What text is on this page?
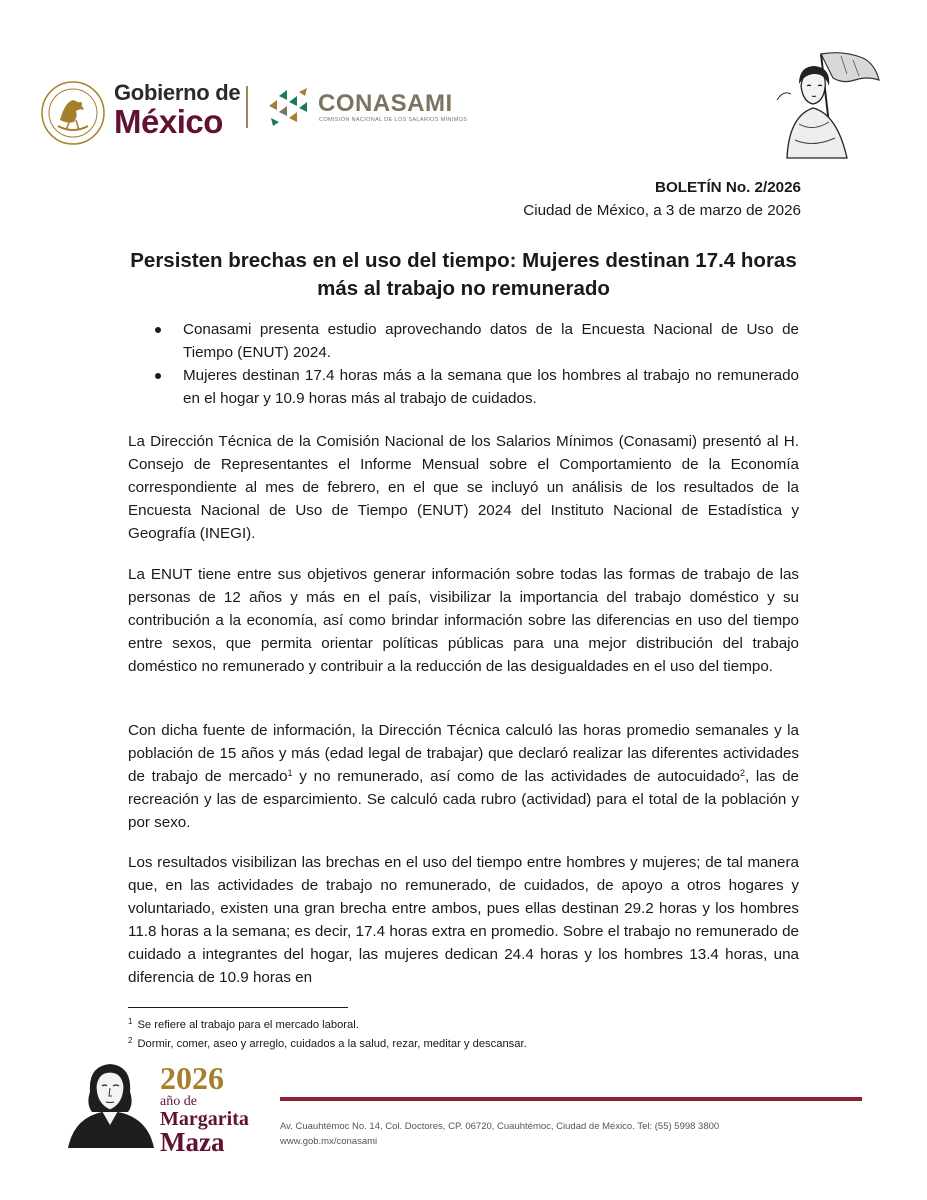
Gobierno de
México	CONASAMI
COMISIÓN NACIONAL DE LOS SALARIOS MÍNIMOS
BOLETÍN No. 2/2026
Ciudad de México, a 3 de marzo de 2026
Persisten brechas en el uso del tiempo: Mujeres destinan 17.4 horas más al trabajo no remunerado
Conasami presenta estudio aprovechando datos de la Encuesta Nacional de Uso de Tiempo (ENUT) 2024.
Mujeres destinan 17.4 horas más a la semana que los hombres al trabajo no remunerado en el hogar y 10.9 horas más al trabajo de cuidados.

La Dirección Técnica de la Comisión Nacional de los Salarios Mínimos (Conasami) presentó al H. Consejo de Representantes el Informe Mensual sobre el Comportamiento de la Economía correspondiente al mes de febrero, en el que se incluyó un análisis de los resultados de la Encuesta Nacional de Uso de Tiempo (ENUT) 2024 del Instituto Nacional de Estadística y Geografía (INEGI).

La ENUT tiene entre sus objetivos generar información sobre todas las formas de trabajo de las personas de 12 años y más en el país, visibilizar la importancia del trabajo doméstico y su contribución a la economía, así como brindar información sobre las diferencias en uso del tiempo entre sexos, que permita orientar políticas públicas para una mejor distribución del trabajo doméstico no remunerado y contribuir a la reducción de las desigualdades en el uso del tiempo.

Con dicha fuente de información, la Dirección Técnica calculó las horas promedio semanales y la población de 15 años y más (edad legal de trabajar) que declaró realizar las diferentes actividades de trabajo de mercado$^1$ y no remunerado, así como de las actividades de autocuidado$^2$, las de recreación y las de esparcimiento. Se calculó cada rubro (actividad) para el total de la población y por sexo.

Los resultados visibilizan las brechas en el uso del tiempo entre hombres y mujeres; de tal manera que, en las actividades de trabajo no remunerado, de cuidados, de apoyo a otros hogares y voluntariado, existen una gran brecha entre ambos, pues ellas destinan 29.2 horas y los hombres 11.8 horas a la semana; es decir, 17.4 horas extra en promedio. Sobre el trabajo no remunerado de cuidado a integrantes del hogar, las mujeres dedican 24.4 horas y los hombres 13.4 horas, una diferencia de 10.9 horas en

$^1$ Se refiere al trabajo para el mercado laboral.
$^2$ Dormir, comer, aseo y arreglo, cuidados a la salud, rezar, meditar y descansar.
2026
año de
Margarita
Maza
Av. Cuauhtémoc No. 14, Col. Doctores, CP. 06720, Cuauhtémoc, Ciudad de México. Tel: (55) 5998 3800
www.gob.mx/conasami
